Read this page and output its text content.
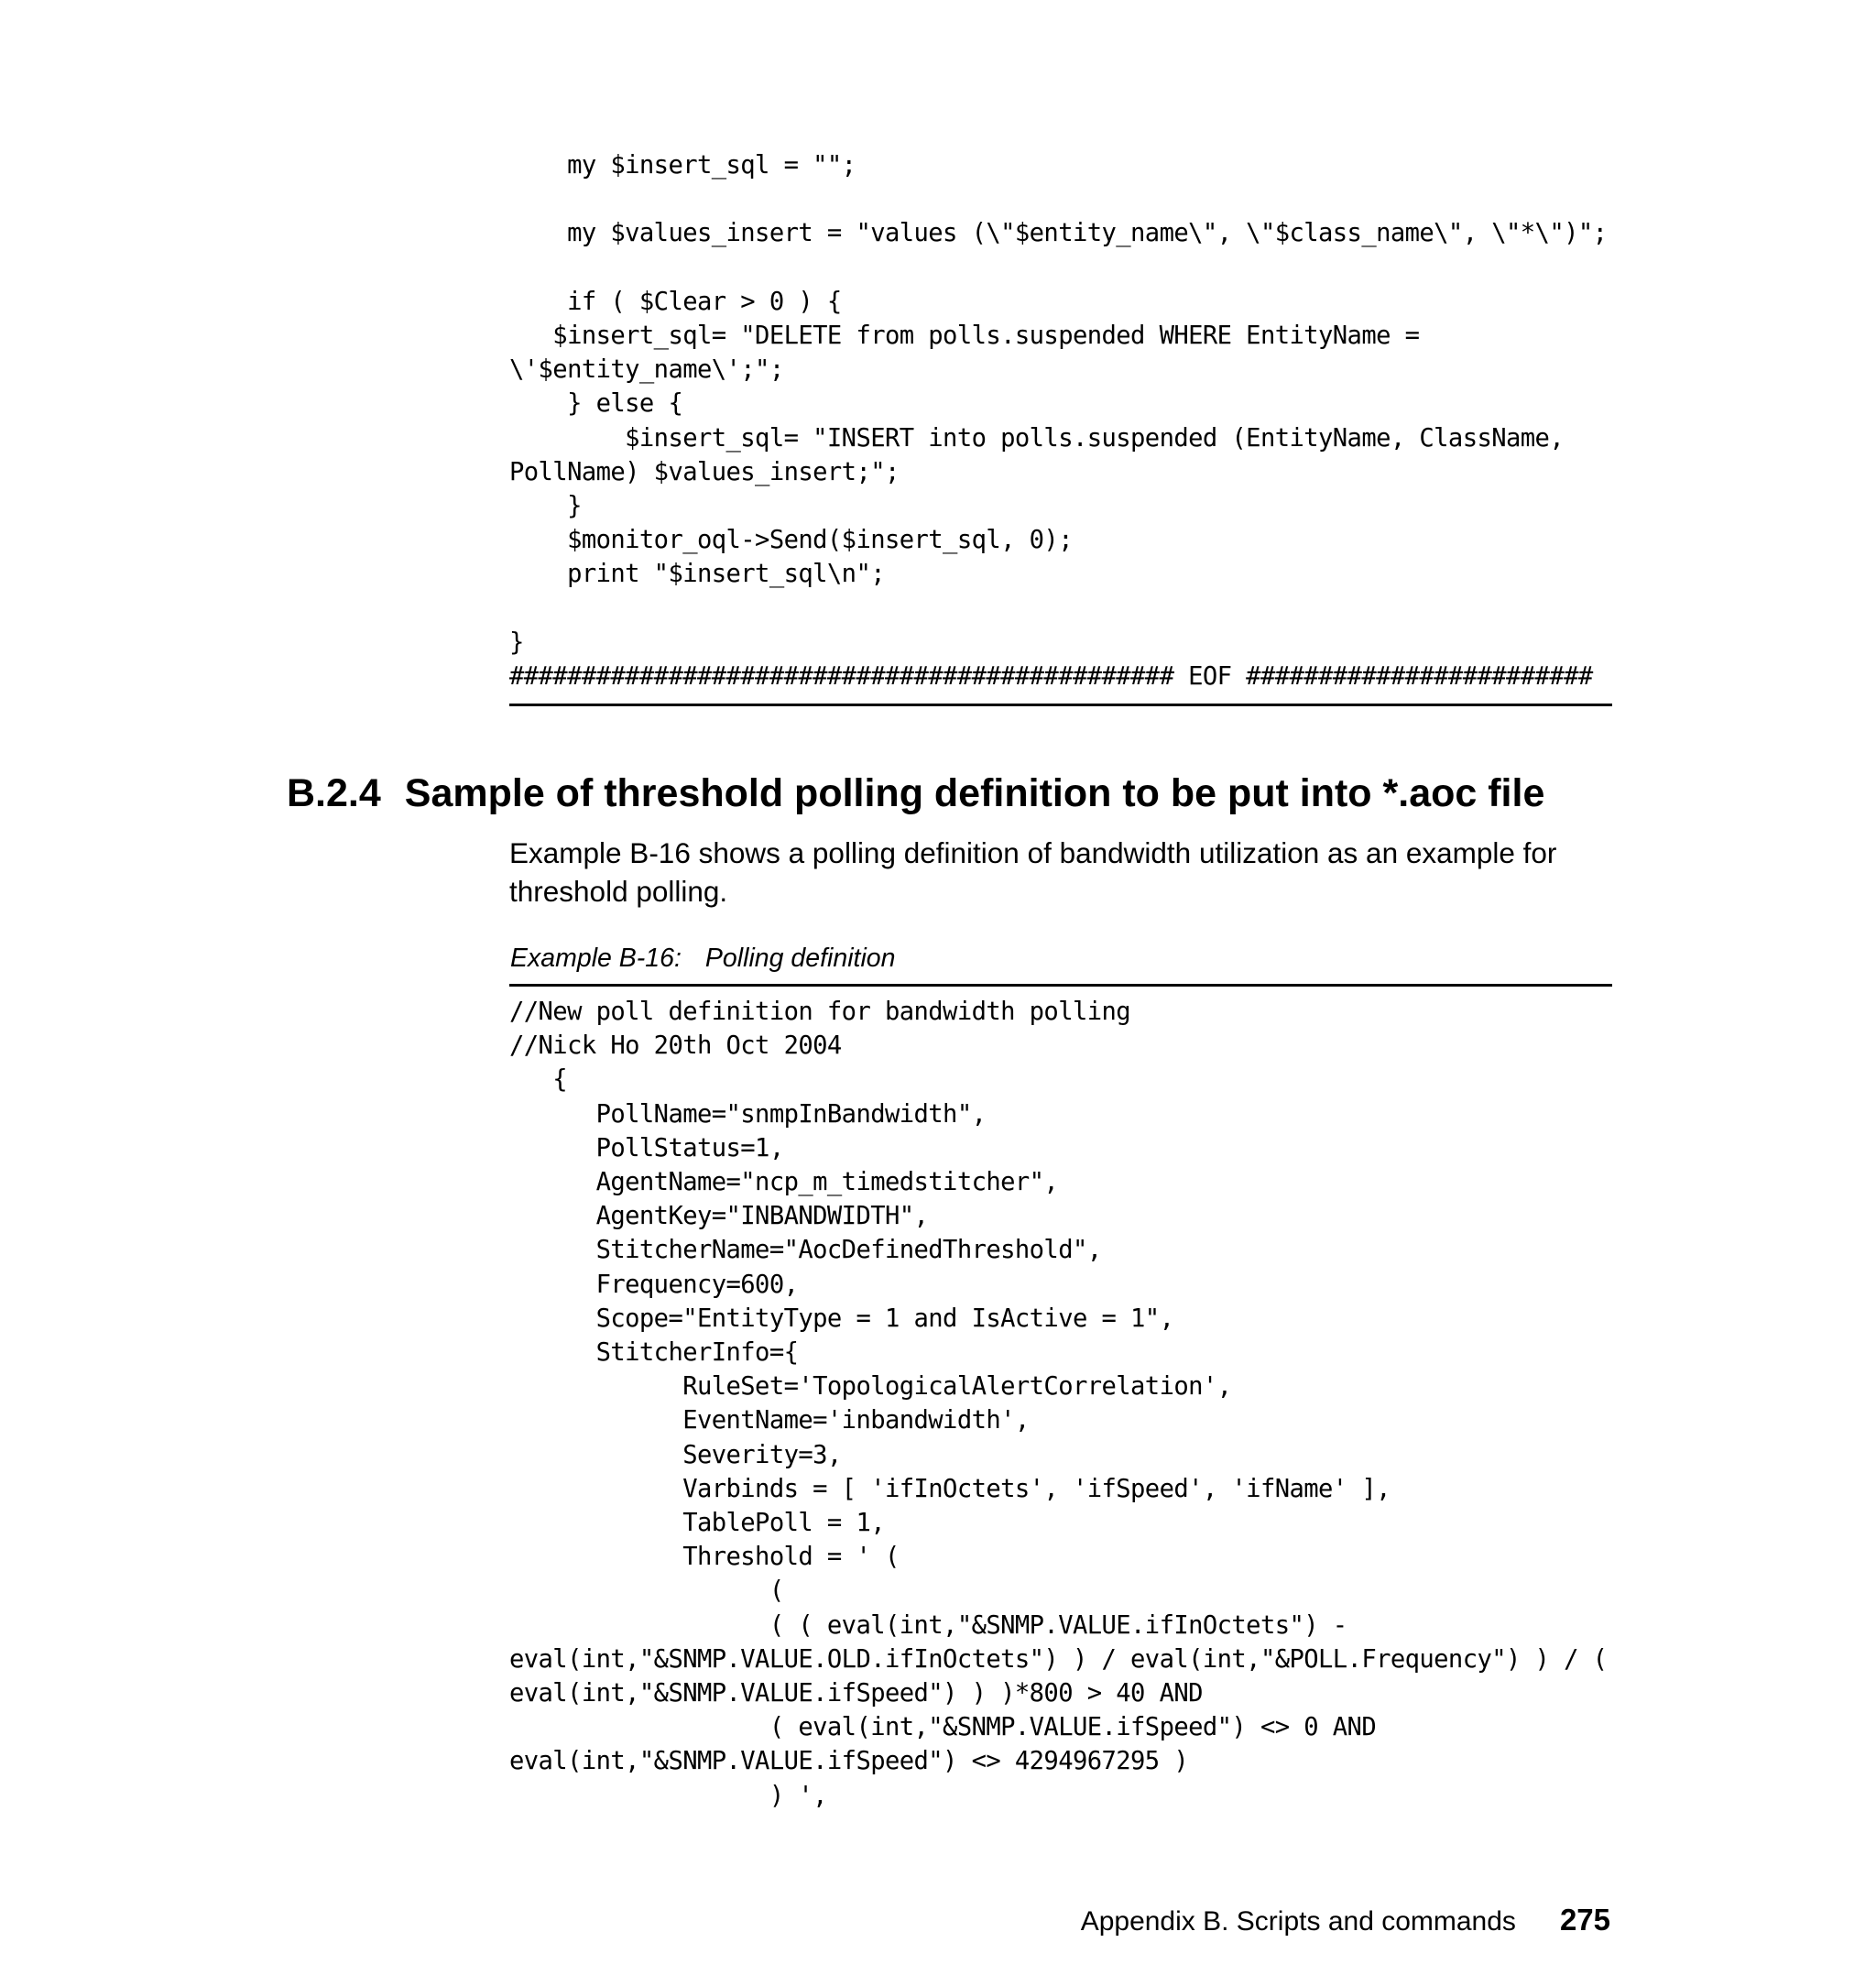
my $insert_sql = "";

my $values_insert = "values (\"$entity_name\", \"$class_name\", \"*\")";

if ( $Clear > 0 ) {
$insert_sql= "DELETE from polls.suspended WHERE EntityName =
\'$entity_name\';";
} else {
$insert_sql= "INSERT into polls.suspended (EntityName, ClassName,
PollName) $values_insert;";
}
$monitor_oql->Send($insert_sql, 0);
print "$insert_sql\n";

}
############################################## EOF ########################
B.2.4 Sample of threshold polling definition to be put into *.aoc file

Example B-16 shows a polling definition of bandwidth utilization as an example for threshold polling.

Example B-16: Polling definition

//New poll definition for bandwidth polling
//Nick Ho 20th Oct 2004
{
PollName="snmpInBandwidth",
PollStatus=1,
AgentName="ncp_m_timedstitcher",
AgentKey="INBANDWIDTH",
StitcherName="AocDefinedThreshold",
Frequency=600,
Scope="EntityType = 1 and IsActive = 1",
StitcherInfo={
RuleSet='TopologicalAlertCorrelation',
EventName='inbandwidth',
Severity=3,
Varbinds = [ 'ifInOctets', 'ifSpeed', 'ifName' ],
TablePoll = 1,
Threshold = ' (
(
( ( eval(int,"&SNMP.VALUE.ifInOctets") -
eval(int,"&SNMP.VALUE.OLD.ifInOctets") ) / eval(int,"&POLL.Frequency") ) / (
eval(int,"&SNMP.VALUE.ifSpeed") ) )*800 > 40 AND
( eval(int,"&SNMP.VALUE.ifSpeed") <> 0 AND
eval(int,"&SNMP.VALUE.ifSpeed") <> 4294967295 )
) ',

Appendix B. Scripts and commands 275
